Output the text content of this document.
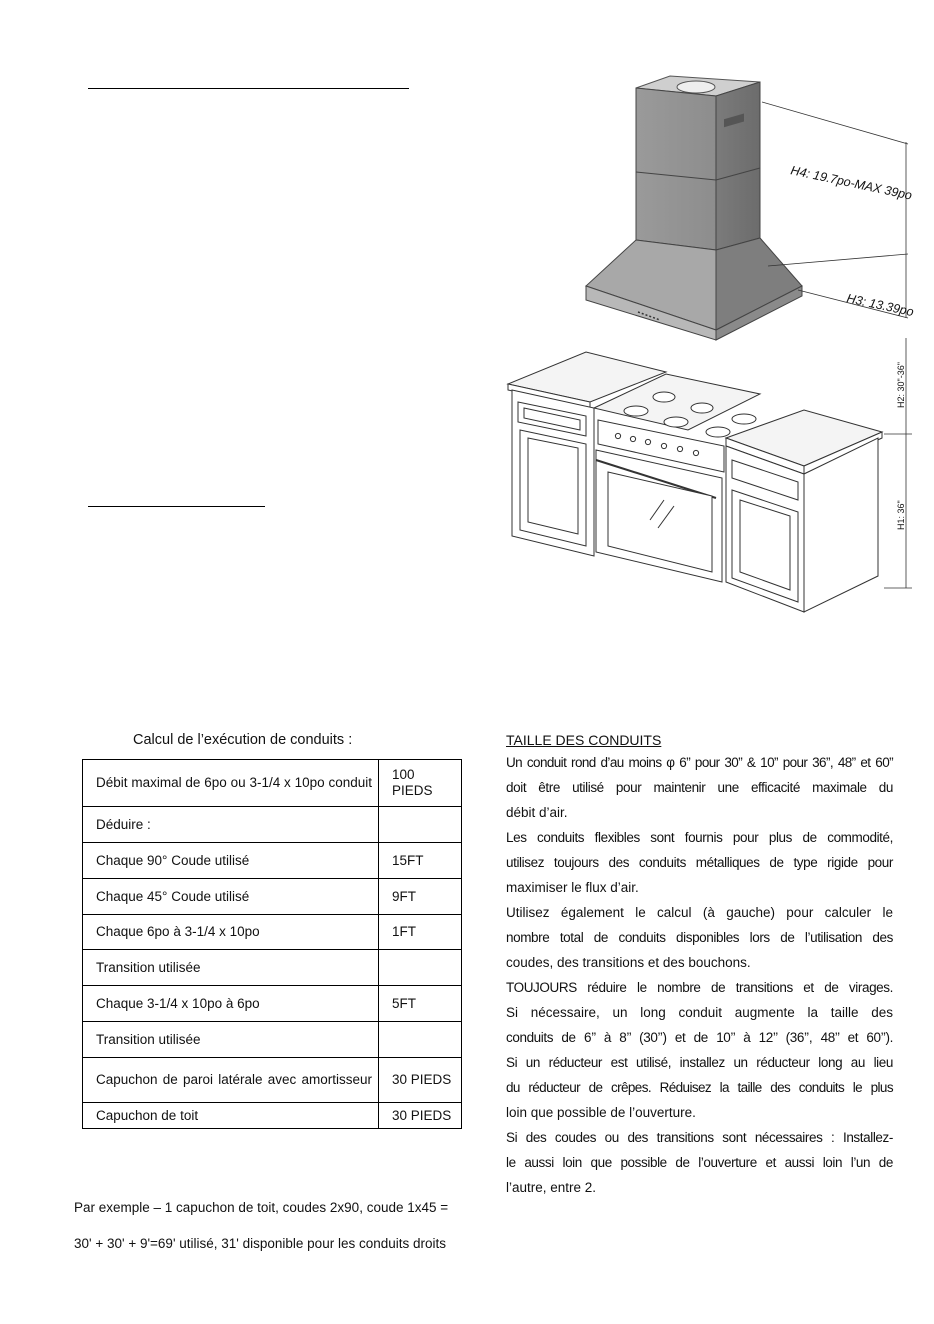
H4: 19.7po-MAX 39po
H3: 13.39po
H2: 30"-36"
H1: 36"
Calcul de l’exécution de conduits :
Débit maximal de 6po ou 3-1/4 x 10po conduit	100 PIEDS
Déduire :	
Chaque 90° Coude utilisé	15FT
Chaque 45° Coude utilisé	9FT
Chaque 6po à 3-1/4 x 10po	1FT
Transition utilisée	
Chaque 3-1/4 x 10po à 6po	5FT
Transition utilisée	
Capuchon de paroi latérale avec amortisseur	30 PIEDS
Capuchon de toit	30 PIEDS
Par exemple – 1 capuchon de toit, coudes 2x90, coude 1x45 =
30' + 30' + 9'=69' utilisé, 31' disponible pour les conduits droits
TAILLE DES CONDUITS
Un conduit rond d’au moins φ 6” pour 30” & 10” pour 36”, 48” et 60”
doit être utilisé pour maintenir une efficacité maximale du
débit d’air.
Les conduits flexibles sont fournis pour plus de commodité,
utilisez toujours des conduits métalliques de type rigide pour
maximiser le flux d’air.
Utilisez également le calcul (à gauche) pour calculer le
nombre total de conduits disponibles lors de l’utilisation des
coudes, des transitions et des bouchons.
TOUJOURS réduire le nombre de transitions et de virages.
Si nécessaire, un long conduit augmente la taille des
conduits de 6’’ à 8’’ (30’’) et de 10’’ à 12’’ (36’’, 48’’ et 60’’).
Si un réducteur est utilisé, installez un réducteur long au lieu
du réducteur de crêpes. Réduisez la taille des conduits le plus
loin que possible de l’ouverture.
Si des coudes ou des transitions sont nécessaires : Installez-
le aussi loin que possible de l’ouverture et aussi loin l’un de
l’autre, entre 2.
